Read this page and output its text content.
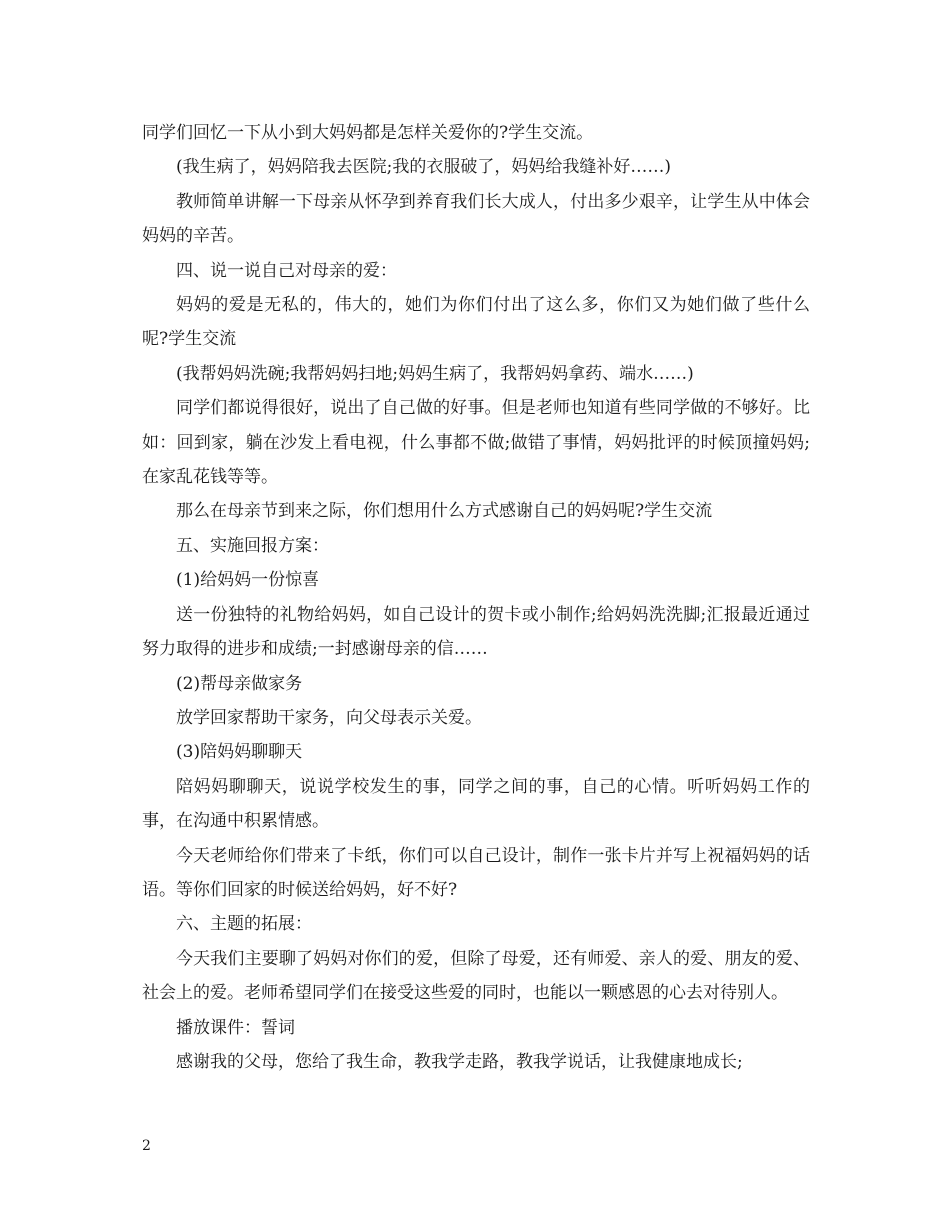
同学们回忆一下从小到大妈妈都是怎样关爱你的?学生交流。

(我生病了，妈妈陪我去医院;我的衣服破了，妈妈给我缝补好……)

教师简单讲解一下母亲从怀孕到养育我们长大成人，付出多少艰辛，让学生从中体会妈妈的辛苦。

四、说一说自己对母亲的爱：

妈妈的爱是无私的，伟大的，她们为你们付出了这么多，你们又为她们做了些什么呢?学生交流

(我帮妈妈洗碗;我帮妈妈扫地;妈妈生病了，我帮妈妈拿药、端水……)

同学们都说得很好，说出了自己做的好事。但是老师也知道有些同学做的不够好。比如：回到家，躺在沙发上看电视，什么事都不做;做错了事情，妈妈批评的时候顶撞妈妈;在家乱花钱等等。

那么在母亲节到来之际，你们想用什么方式感谢自己的妈妈呢?学生交流

五、实施回报方案：

(1)给妈妈一份惊喜

送一份独特的礼物给妈妈，如自己设计的贺卡或小制作;给妈妈洗洗脚;汇报最近通过努力取得的进步和成绩;一封感谢母亲的信……

(2)帮母亲做家务

放学回家帮助干家务，向父母表示关爱。

(3)陪妈妈聊聊天

陪妈妈聊聊天，说说学校发生的事，同学之间的事，自己的心情。听听妈妈工作的事，在沟通中积累情感。

今天老师给你们带来了卡纸，你们可以自己设计，制作一张卡片并写上祝福妈妈的话语。等你们回家的时候送给妈妈，好不好?

六、主题的拓展：

今天我们主要聊了妈妈对你们的爱，但除了母爱，还有师爱、亲人的爱、朋友的爱、社会上的爱。老师希望同学们在接受这些爱的同时，也能以一颗感恩的心去对待别人。

播放课件：誓词

感谢我的父母，您给了我生命，教我学走路，教我学说话，让我健康地成长;

2
